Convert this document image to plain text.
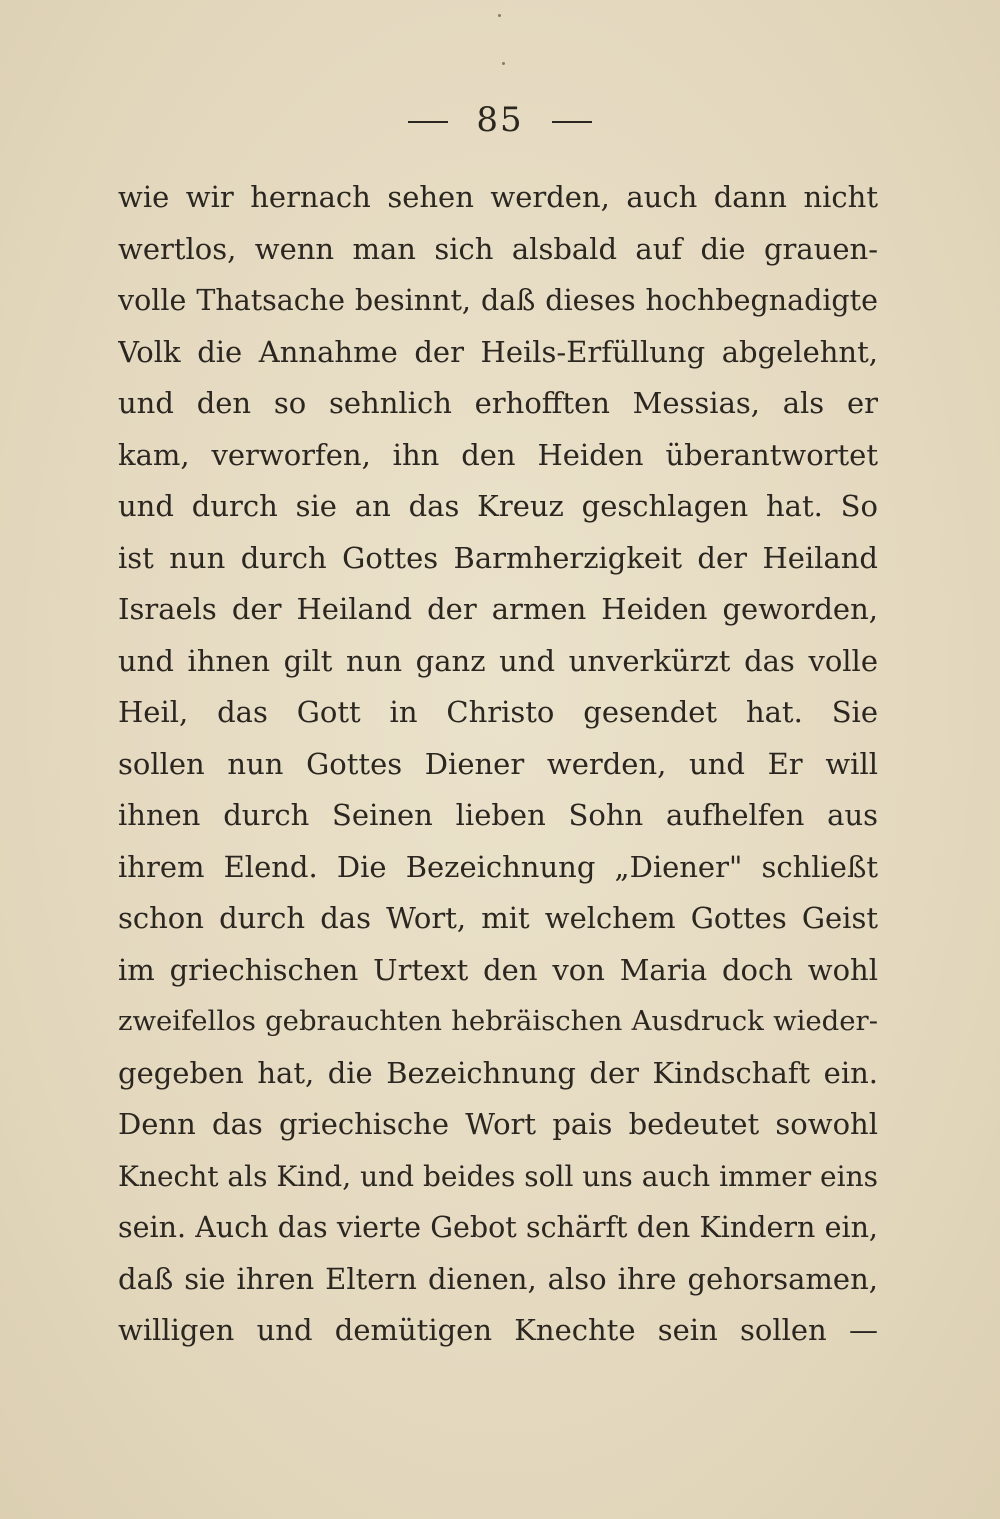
85
wie wir hernach sehen werden, auch dann nicht
wertlos, wenn man sich alsbald auf die grauen-
volle Thatsache besinnt, daß dieses hochbegnadigte
Volk die Annahme der Heils-Erfüllung abgelehnt,
und den so sehnlich erhofften Messias, als er
kam, verworfen, ihn den Heiden überantwortet
und durch sie an das Kreuz geschlagen hat. So
ist nun durch Gottes Barmherzigkeit der Heiland
Israels der Heiland der armen Heiden geworden,
und ihnen gilt nun ganz und unverkürzt das volle
Heil, das Gott in Christo gesendet hat. Sie
sollen nun Gottes Diener werden, und Er will
ihnen durch Seinen lieben Sohn aufhelfen aus
ihrem Elend. Die Bezeichnung „Diener" schließt
schon durch das Wort, mit welchem Gottes Geist
im griechischen Urtext den von Maria doch wohl
zweifellos gebrauchten hebräischen Ausdruck wieder-
gegeben hat, die Bezeichnung der Kindschaft ein.
Denn das griechische Wort pais bedeutet sowohl
Knecht als Kind, und beides soll uns auch immer eins
sein. Auch das vierte Gebot schärft den Kindern ein,
daß sie ihren Eltern dienen, also ihre gehorsamen,
willigen und demütigen Knechte sein sollen —
